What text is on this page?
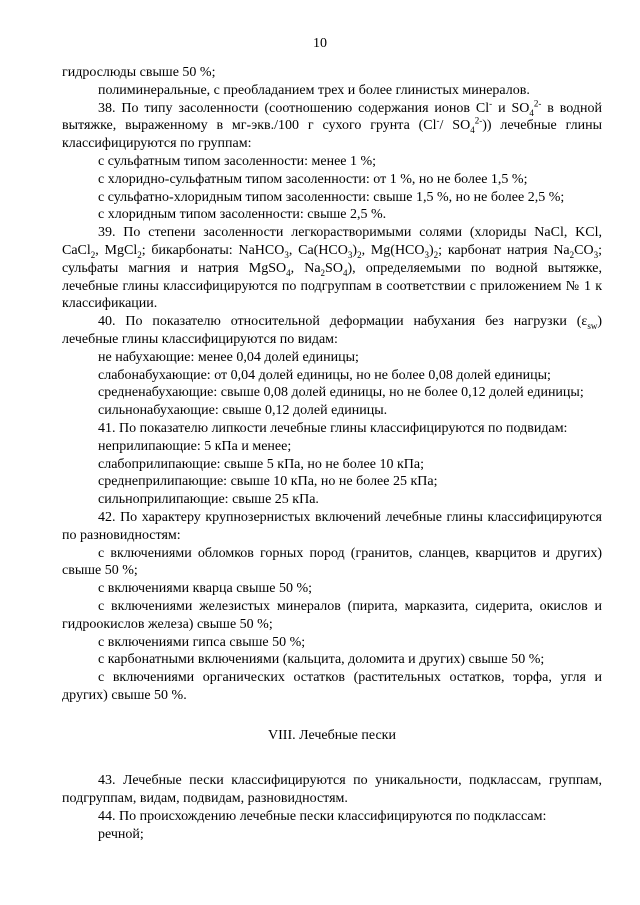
10

гидрослюды свыше 50 %;

полиминеральные, с преобладанием трех и более глинистых минералов.

38. По типу засоленности (соотношению содержания ионов Cl- и $SO_4^{2-}$ в водной вытяжке, выраженному в мг-экв./100 г сухого грунта (Cl-/ $SO_4^{2-}$)) лечебные глины классифицируются по группам:

с сульфатным типом засоленности: менее 1 %;

с хлоридно-сульфатным типом засоленности: от 1 %, но не более 1,5 %;

с сульфатно-хлоридным типом засоленности: свыше 1,5 %, но не более 2,5 %;

с хлоридным типом засоленности: свыше 2,5 %.

39. По степени засоленности легкорастворимыми солями (хлориды NaCl, KCl, CaCl$_2$, MgCl$_2$; бикарбонаты: NaHCO$_3$, $Ca(HCO_3)_2$, $Mg(HCO_3)_2$; карбонат натрия $Na_2CO_3$; сульфаты магния и натрия MgSO$_4$, $Na_2SO_4$), определяемыми по водной вытяжке, лечебные глины классифицируются по подгруппам в соответствии с приложением № 1 к классификации.

40. По показателю относительной деформации набухания без нагрузки $(\varepsilon_{sw})$ лечебные глины классифицируются по видам:

не набухающие: менее 0,04 долей единицы;

слабонабухающие: от 0,04 долей единицы, но не более 0,08 долей единицы;

средненабухающие: свыше 0,08 долей единицы, но не более 0,12 долей единицы;

сильнонабухающие: свыше 0,12 долей единицы.

41. По показателю липкости лечебные глины классифицируются по подвидам:

неприлипающие: 5 кПа и менее;

слабоприлипающие: свыше 5 кПа, но не более 10 кПа;

среднеприлипающие: свыше 10 кПа, но не более 25 кПа;

сильноприлипающие: свыше 25 кПа.

42. По характеру крупнозернистых включений лечебные глины классифицируются по разновидностям:

с включениями обломков горных пород (гранитов, сланцев, кварцитов и других) свыше 50 %;

с включениями кварца свыше 50 %;

с включениями железистых минералов (пирита, марказита, сидерита, окислов и гидроокислов железа) свыше 50 %;

с включениями гипса свыше 50 %;

с карбонатными включениями (кальцита, доломита и других) свыше 50 %;

с включениями органических остатков (растительных остатков, торфа, угля и других) свыше 50 %.

VIII. Лечебные пески

43. Лечебные пески классифицируются по уникальности, подклассам, группам, подгруппам, видам, подвидам, разновидностям.

44. По происхождению лечебные пески классифицируются по подклассам:

речной;
